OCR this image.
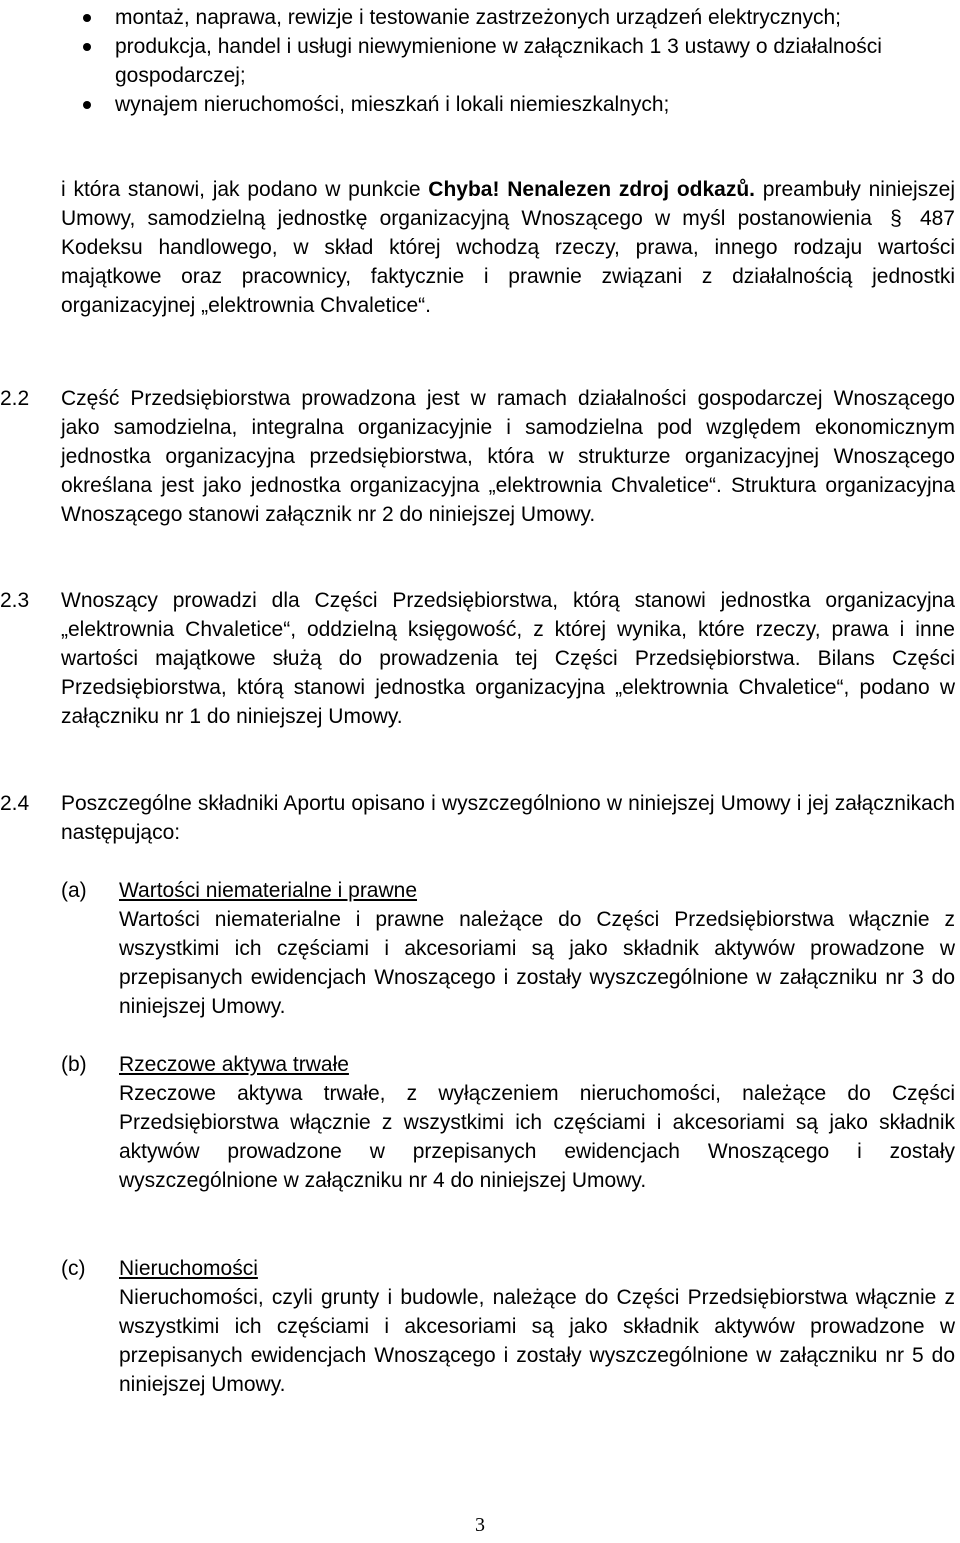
montaż, naprawa, rewizje i testowanie zastrzeżonych urządzeń elektrycznych;
produkcja, handel i usługi niewymienione w załącznikach 1 3 ustawy o działalności gospodarczej;
wynajem nieruchomości, mieszkań i lokali niemieszkalnych;
i która stanowi, jak podano w punkcie Chyba! Nenalezen zdroj odkazů. preambuły niniejszej Umowy, samodzielną jednostkę organizacyjną Wnoszącego w myśl postanowienia § 487 Kodeksu handlowego, w skład której wchodzą rzeczy, prawa, innego rodzaju wartości majątkowe oraz pracownicy, faktycznie i prawnie związani z działalnością jednostki organizacyjnej „elektrownia Chvaletice“.
2.2	Część Przedsiębiorstwa prowadzona jest w ramach działalności gospodarczej Wnoszącego jako samodzielna, integralna organizacyjnie i samodzielna pod względem ekonomicznym jednostka organizacyjna przedsiębiorstwa, która w strukturze organizacyjnej Wnoszącego określana jest jako jednostka organizacyjna „elektrownia Chvaletice“. Struktura organizacyjna Wnoszącego stanowi załącznik nr 2 do niniejszej Umowy.
2.3	Wnoszący prowadzi dla Części Przedsiębiorstwa, którą stanowi jednostka organizacyjna „elektrownia Chvaletice“, oddzielną księgowość, z której wynika, które rzeczy, prawa i inne wartości majątkowe służą do prowadzenia tej Części Przedsiębiorstwa. Bilans Części Przedsiębiorstwa, którą stanowi jednostka organizacyjna „elektrownia Chvaletice“, podano w załączniku nr 1 do niniejszej Umowy.
2.4	Poszczególne składniki Aportu opisano i wyszczególniono w niniejszej Umowy i jej załącznikach następująco:
(a)	Wartości niematerialne i prawne
Wartości niematerialne i prawne należące do Części Przedsiębiorstwa włącznie z wszystkimi ich częściami i akcesoriami są jako składnik aktywów prowadzone w przepisanych ewidencjach Wnoszącego i zostały wyszczególnione w załączniku nr 3 do niniejszej Umowy.
(b)	Rzeczowe aktywa trwałe
Rzeczowe aktywa trwałe, z wyłączeniem nieruchomości, należące do Części Przedsiębiorstwa włącznie z wszystkimi ich częściami i akcesoriami są jako składnik aktywów prowadzone w przepisanych ewidencjach Wnoszącego i zostały wyszczególnione w załączniku nr 4 do niniejszej Umowy.
(c)	Nieruchomości
Nieruchomości, czyli grunty i budowle, należące do Części Przedsiębiorstwa włącznie z wszystkimi ich częściami i akcesoriami są jako składnik aktywów prowadzone w przepisanych ewidencjach Wnoszącego i zostały wyszczególnione w załączniku nr 5 do niniejszej Umowy.
3
